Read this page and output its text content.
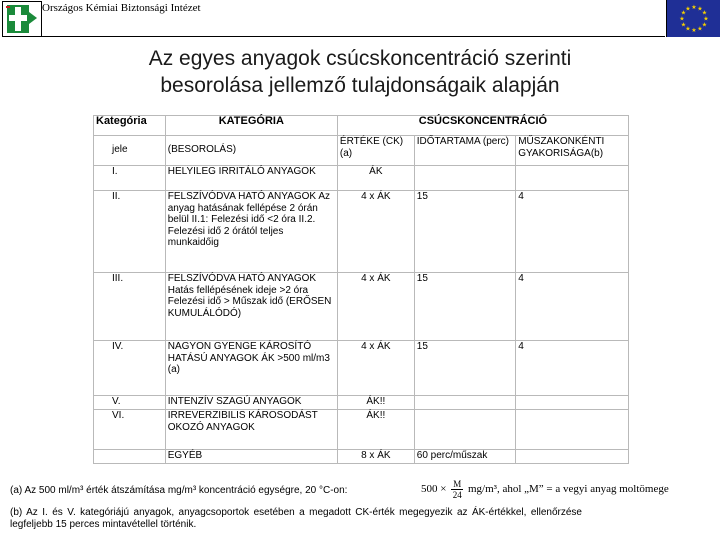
Országos Kémiai Biztonsági Intézet	★ ★
★
★
★
★
★
★
★
★
★
★
Az egyes anyagok csúcskoncentráció szerinti
besorolása jellemző tulajdonságaik alapján
Kategória	KATEGÓRIA	CSÚCSKONCENTRÁCIÓ		
jele	(BESOROLÁS)	ÉRTÉKE (CK)(a)	IDŐTARTAMA (perc)	MŰSZAKONKÉNTI GYAKORISÁGA(b)
I.	HELYILEG IRRITÁLÓ ANYAGOK	ÁK		
II.	FELSZÍVÓDVA HATÓ ANYAGOK Az anyag hatásának fellépése 2 órán belül II.1: Felezési idő <2 óra II.2. Felezési idő 2 órától teljes munkaidőig	4 x ÁK	15	4
III.	FELSZÍVÓDVA HATÓ ANYAGOK Hatás fellépésének ideje >2 óra Felezési idő > Műszak idő (ERŐSEN KUMULÁLÓDÓ)	4 x ÁK	15	4
IV.	NAGYON GYENGE KÁROSÍTÓ HATÁSÚ ANYAGOK ÁK >500 ml/m3 (a)	4 x ÁK	15	4
V.	INTENZÍV SZAGÚ ANYAGOK	ÁK!!		
VI.	IRREVERZIBILIS KÁROSODÁST OKOZÓ ANYAGOK	ÁK!!		
	EGYÉB	8 x ÁK	60 perc/műszak	
(a) Az 500 ml/m³ érték átszámítása mg/m³ koncentráció egységre, 20 °C-on:	$500 \times \frac{M}{24} mg/m^3$, ahol „M” = a vegyi anyag moltömege
(b) Az I. és V. kategóriájú anyagok, anyagcsoportok esetében a megadott CK-érték megegyezik az ÁK-értékkel, ellenőrzése legfeljebb 15 perces mintavétellel történik.
